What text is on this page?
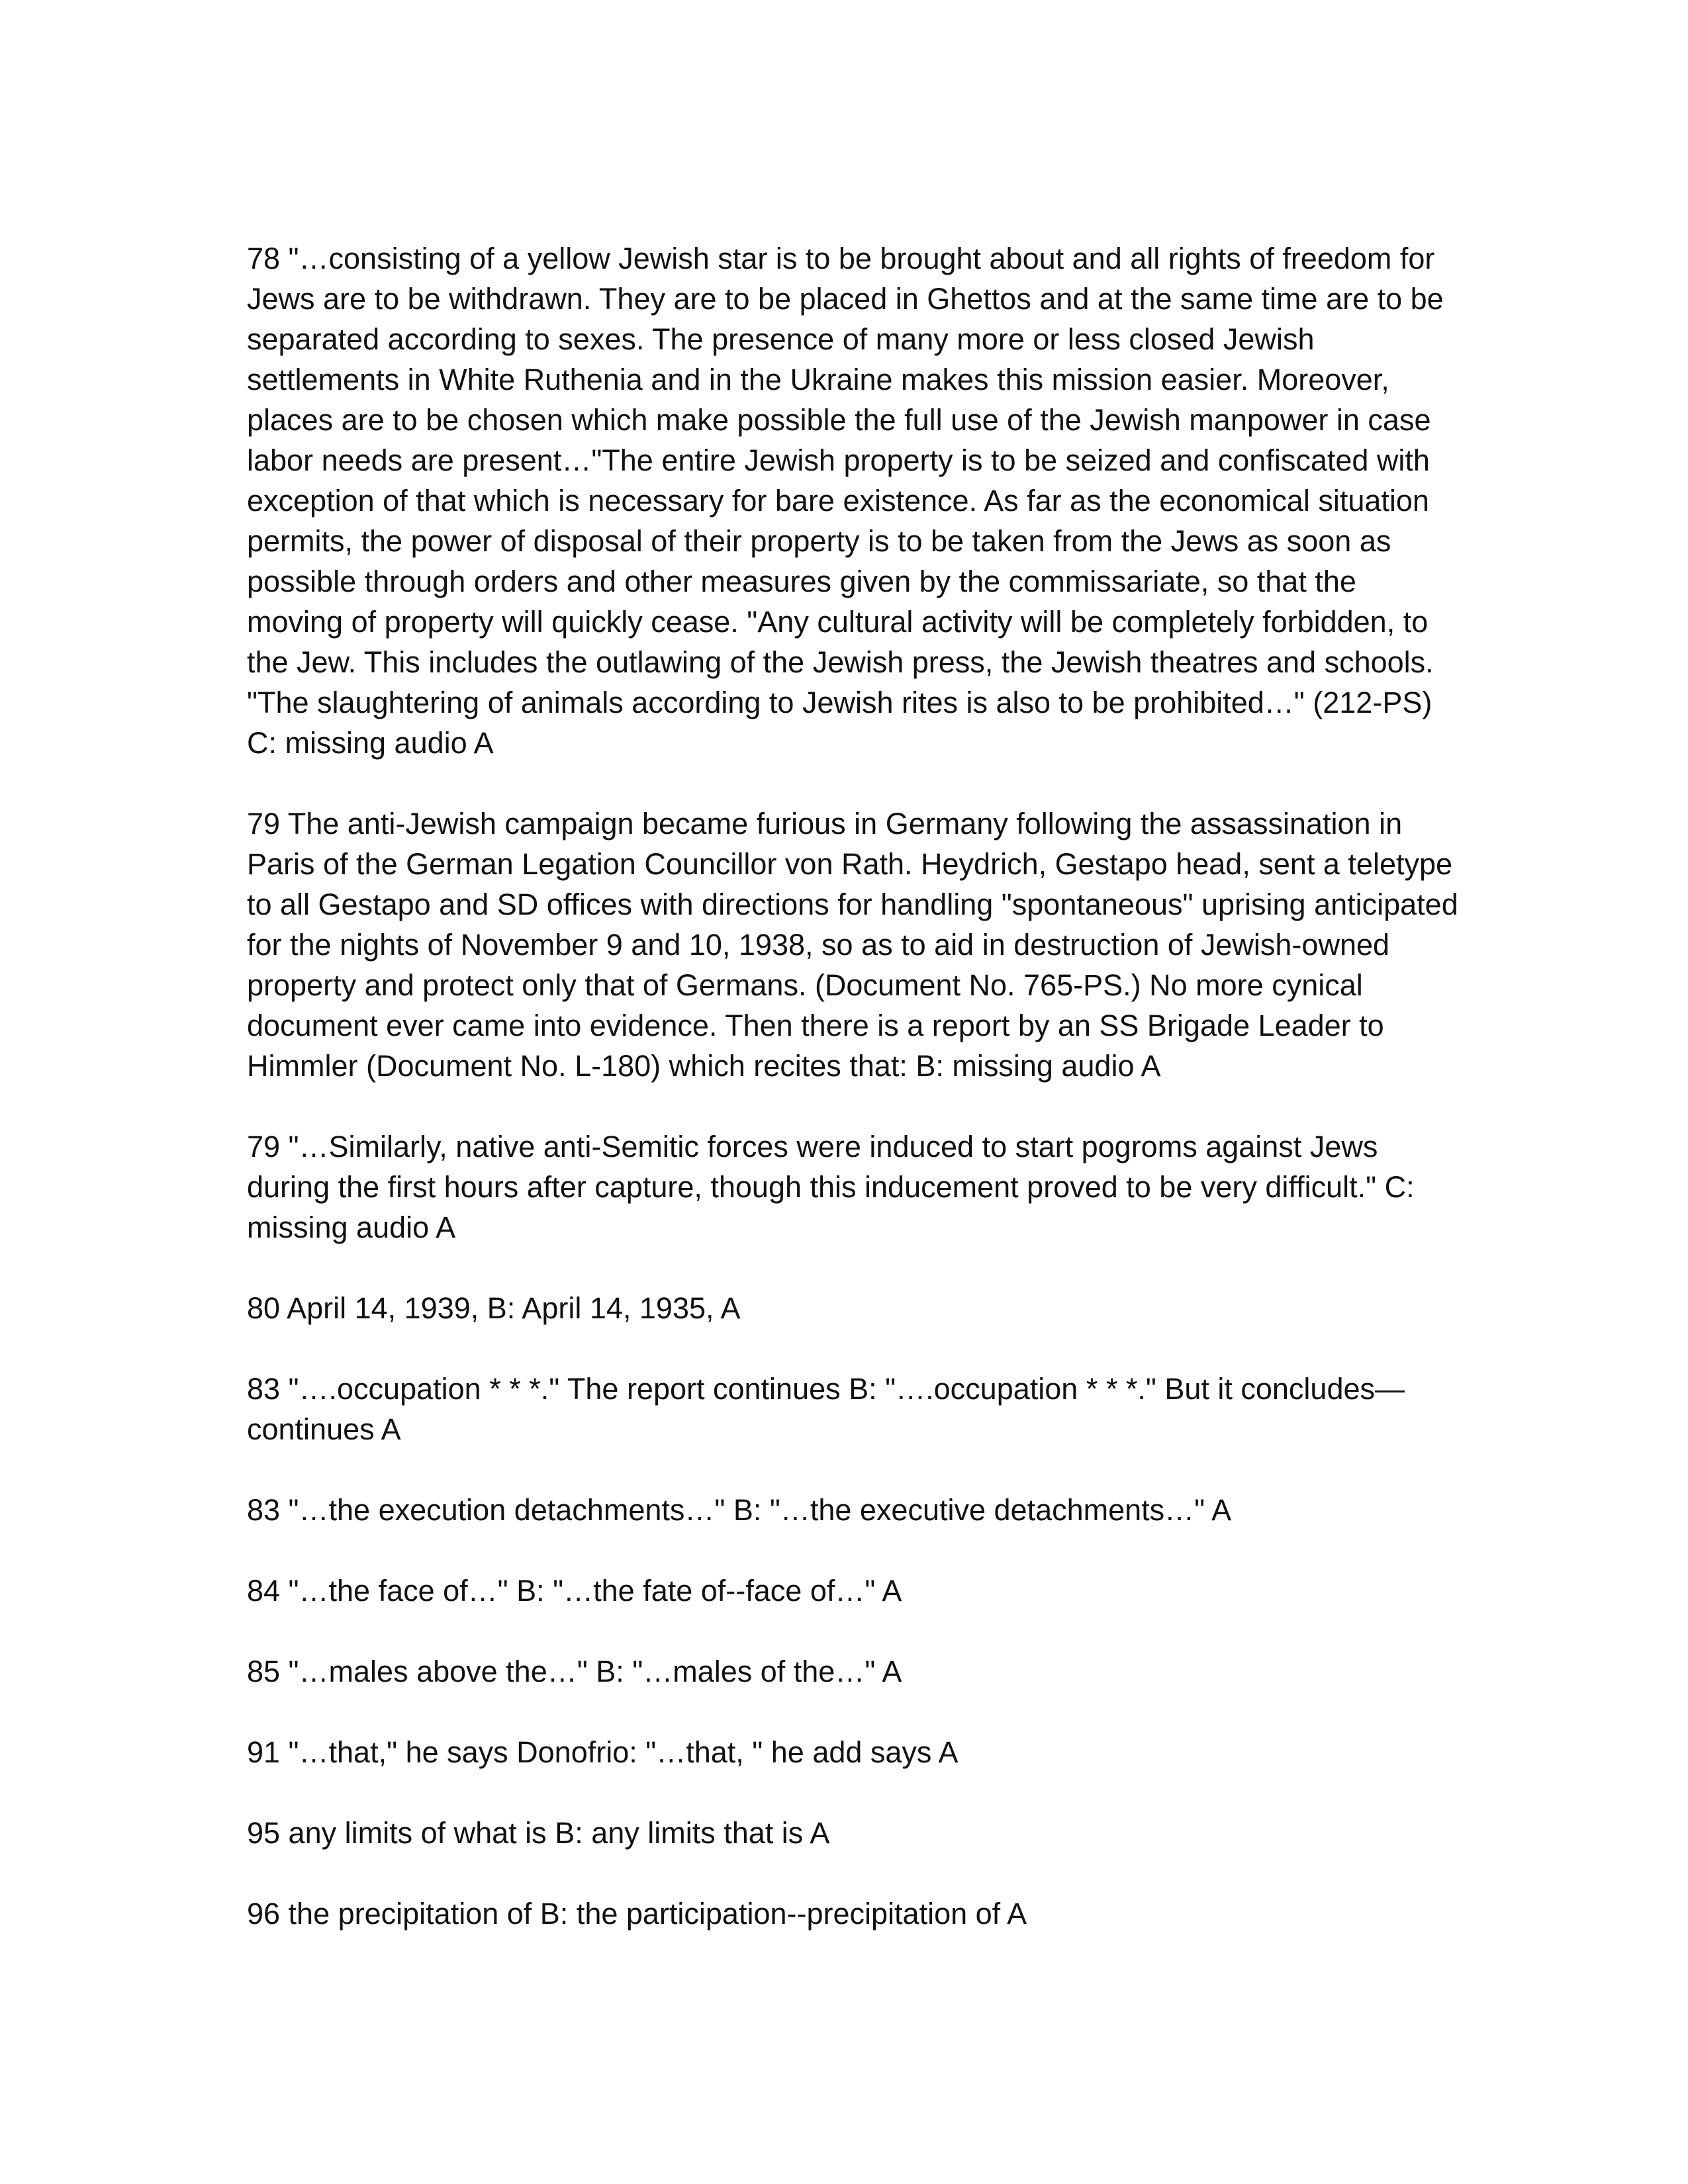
78 "…consisting of a yellow Jewish star is to be brought about and all rights of freedom for Jews are to be withdrawn. They are to be placed in Ghettos and at the same time are to be separated according to sexes. The presence of many more or less closed Jewish settlements in White Ruthenia and in the Ukraine makes this mission easier. Moreover, places are to be chosen which make possible the full use of the Jewish manpower in case labor needs are present…"The entire Jewish property is to be seized and confiscated with exception of that which is necessary for bare existence. As far as the economical situation permits, the power of disposal of their property is to be taken from the Jews as soon as possible through orders and other measures given by the commissariate, so that the moving of property will quickly cease. "Any cultural activity will be completely forbidden, to the Jew. This includes the outlawing of the Jewish press, the Jewish theatres and schools. "The slaughtering of animals according to Jewish rites is also to be prohibited…" (212-PS) C: missing audio A

79 The anti-Jewish campaign became furious in Germany following the assassination in Paris of the German Legation Councillor von Rath. Heydrich, Gestapo head, sent a teletype to all Gestapo and SD offices with directions for handling "spontaneous" uprising anticipated for the nights of November 9 and 10, 1938, so as to aid in destruction of Jewish-owned property and protect only that of Germans. (Document No. 765-PS.) No more cynical document ever came into evidence. Then there is a report by an SS Brigade Leader to Himmler (Document No. L-180) which recites that: B: missing audio A

79 "…Similarly, native anti-Semitic forces were induced to start pogroms against Jews during the first hours after capture, though this inducement proved to be very difficult." C: missing audio A

80 April 14, 1939, B: April 14, 1935, A

83 "….occupation * * *." The report continues B: "….occupation * * *." But it concludes—continues A

83 "…the execution detachments…" B: "…the executive detachments…" A

84 "…the face of…" B: "…the fate of--face of…" A

85 "…males above the…" B: "…males of the…" A

91 "…that," he says Donofrio: "…that, " he add says A

95 any limits of what is B: any limits that is A

96 the precipitation of B: the participation--precipitation of A
